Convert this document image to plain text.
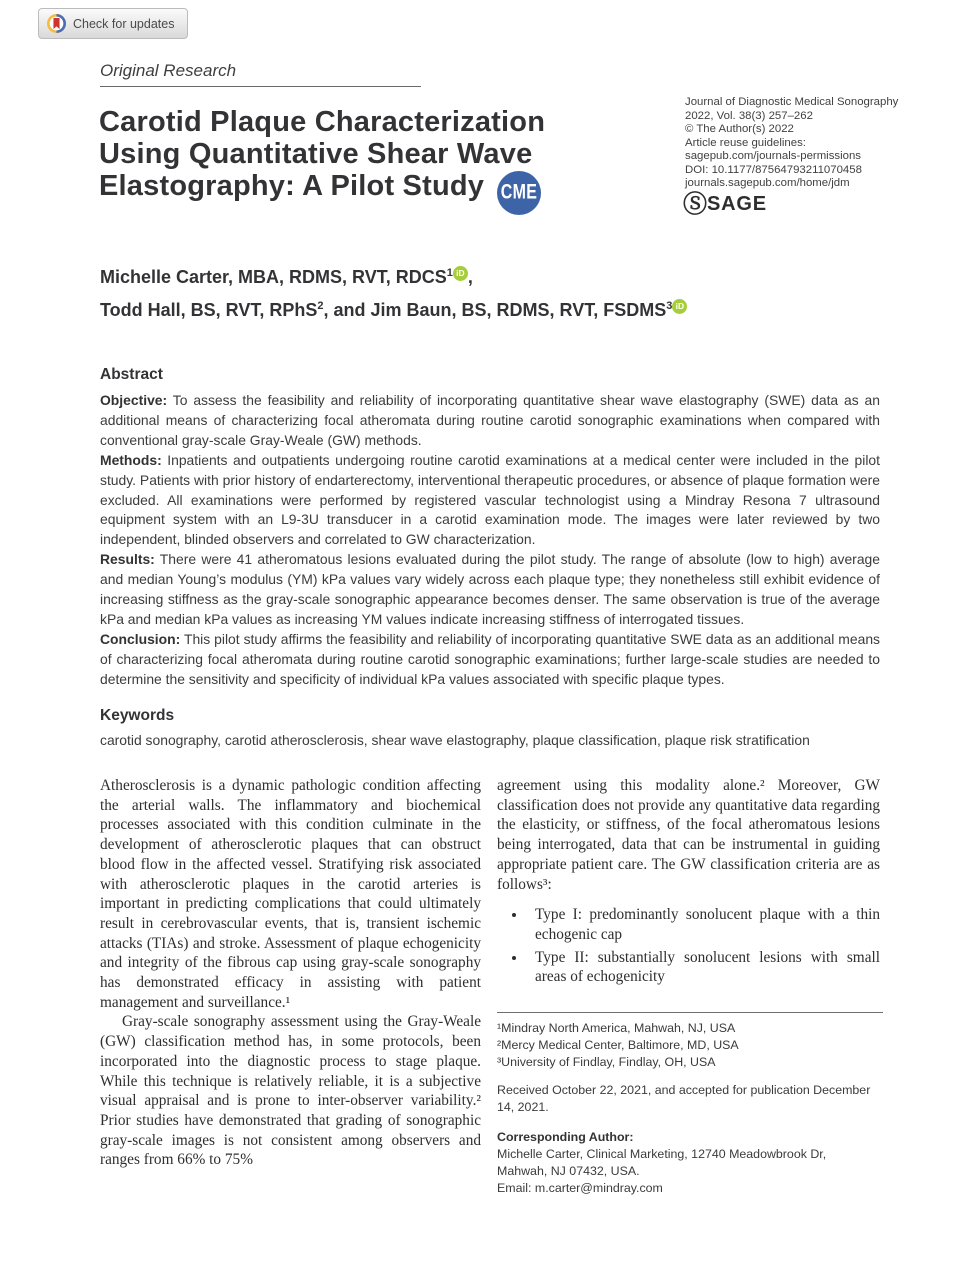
Check for updates
Original Research
Carotid Plaque Characterization
Using Quantitative Shear Wave
Elastography: A Pilot Study	CME
Journal of Diagnostic Medical Sonography
2022, Vol. 38(3) 257–262
© The Author(s) 2022
Article reuse guidelines:
sagepub.com/journals-permissions
DOI: 10.1177/87564793211070458
journals.sagepub.com/home/jdm
Ⓢ SAGE
Michelle Carter, MBA, RDMS, RVT, RDCS$^1$ iD ,
Todd Hall, BS, RVT, RPhS$^2$, and Jim Baun, BS, RDMS, RVT, FSDMS$^3$ iD
Abstract

Objective: To assess the feasibility and reliability of incorporating quantitative shear wave elastography (SWE) data as an additional means of characterizing focal atheromata during routine carotid sonographic examinations when compared with conventional gray-scale Gray-Weale (GW) methods.

Methods: Inpatients and outpatients undergoing routine carotid examinations at a medical center were included in the pilot study. Patients with prior history of endarterectomy, interventional therapeutic procedures, or absence of plaque formation were excluded. All examinations were performed by registered vascular technologist using a Mindray Resona 7 ultrasound equipment system with an L9-3U transducer in a carotid examination mode. The images were later reviewed by two independent, blinded observers and correlated to GW characterization.

Results: There were 41 atheromatous lesions evaluated during the pilot study. The range of absolute (low to high) average and median Young’s modulus (YM) kPa values vary widely across each plaque type; they nonetheless still exhibit evidence of increasing stiffness as the gray-scale sonographic appearance becomes denser. The same observation is true of the average kPa and median kPa values as increasing YM values indicate increasing stiffness of interrogated tissues.

Conclusion: This pilot study affirms the feasibility and reliability of incorporating quantitative SWE data as an additional means of characterizing focal atheromata during routine carotid sonographic examinations; further large-scale studies are needed to determine the sensitivity and specificity of individual kPa values associated with specific plaque types.

Keywords

carotid sonography, carotid atherosclerosis, shear wave elastography, plaque classification, plaque risk stratification

Atherosclerosis is a dynamic pathologic condition affecting the arterial walls. The inflammatory and biochemical processes associated with this condition culminate in the development of atherosclerotic plaques that can obstruct blood flow in the affected vessel. Stratifying risk associated with atherosclerotic plaques in the carotid arteries is important in predicting complications that could ultimately result in cerebrovascular events, that is, transient ischemic attacks (TIAs) and stroke. Assessment of plaque echogenicity and integrity of the fibrous cap using gray-scale sonography has demonstrated efficacy in assisting with patient management and surveillance.¹

Gray-scale sonography assessment using the Gray-Weale (GW) classification method has, in some protocols, been incorporated into the diagnostic process to stage plaque. While this technique is relatively reliable, it is a subjective visual appraisal and is prone to inter-observer variability.² Prior studies have demonstrated that grading of sonographic gray-scale images is not consistent among observers and ranges from 66% to 75%

agreement using this modality alone.² Moreover, GW classification does not provide any quantitative data regarding the elasticity, or stiffness, of the focal atheromatous lesions being interrogated, data that can be instrumental in guiding appropriate patient care. The GW classification criteria are as follows³:

• Type I: predominantly sonolucent plaque with a thin echogenic cap
• Type II: substantially sonolucent lesions with small areas of echogenicity
¹Mindray North America, Mahwah, NJ, USA
²Mercy Medical Center, Baltimore, MD, USA
³University of Findlay, Findlay, OH, USA
Received October 22, 2021, and accepted for publication December 14, 2021.
Corresponding Author:
Michelle Carter, Clinical Marketing, 12740 Meadowbrook Dr,
Mahwah, NJ 07432, USA.
Email: m.carter@mindray.com
